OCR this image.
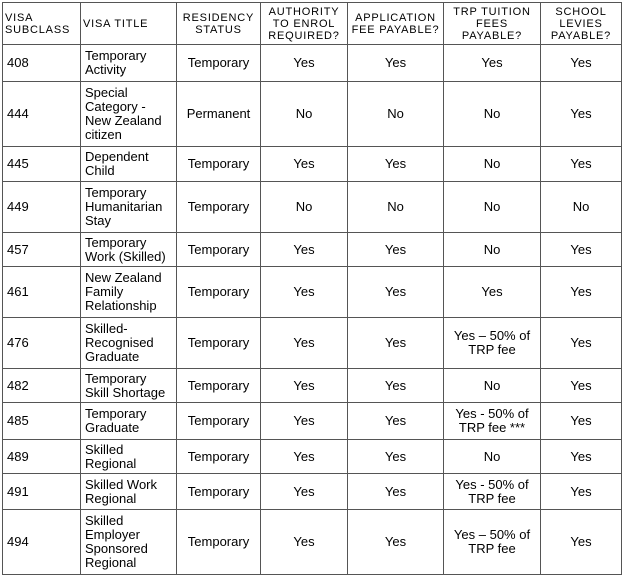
VISA SUBCLASS	VISA TITLE	RESIDENCY STATUS	AUTHORITY TO ENROL REQUIRED?	APPLICATION FEE PAYABLE?	TRP TUITION FEES PAYABLE?	SCHOOL LEVIES PAYABLE?
408	Temporary Activity	Temporary	Yes	Yes	Yes	Yes
444	Special Category - New Zealand citizen	Permanent	No	No	No	Yes
445	Dependent Child	Temporary	Yes	Yes	No	Yes
449	Temporary Humanitarian Stay	Temporary	No	No	No	No
457	Temporary Work (Skilled)	Temporary	Yes	Yes	No	Yes
461	New Zealand Family Relationship	Temporary	Yes	Yes	Yes	Yes
476	Skilled- Recognised Graduate	Temporary	Yes	Yes	Yes – 50% of TRP fee	Yes
482	Temporary Skill Shortage	Temporary	Yes	Yes	No	Yes
485	Temporary Graduate	Temporary	Yes	Yes	Yes - 50% of TRP fee ***	Yes
489	Skilled Regional	Temporary	Yes	Yes	No	Yes
491	Skilled Work Regional	Temporary	Yes	Yes	Yes - 50% of TRP fee	Yes
494	Skilled Employer Sponsored Regional	Temporary	Yes	Yes	Yes – 50% of TRP fee	Yes
